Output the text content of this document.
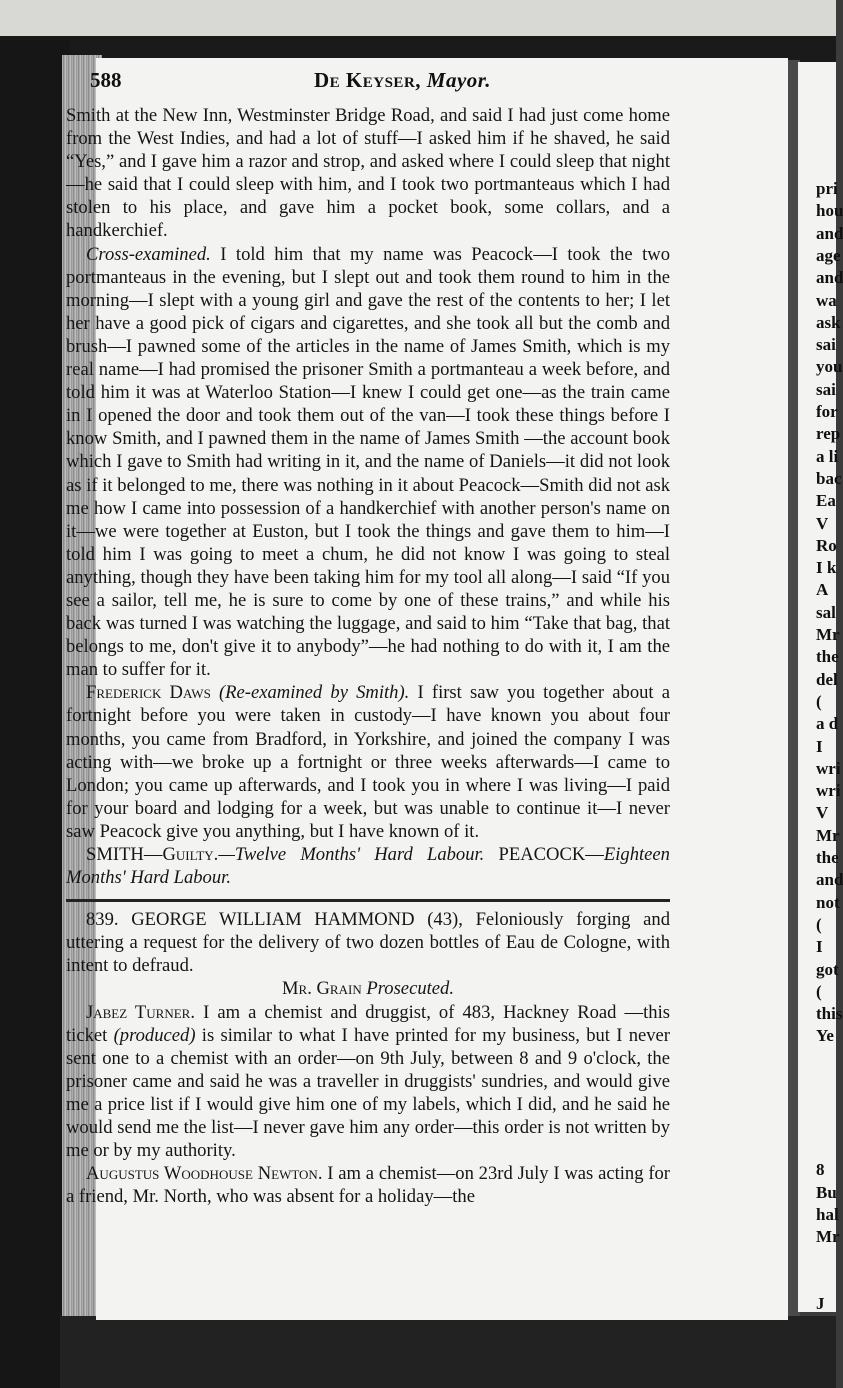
pri
hou
and
age
and
wa
ask
sai
you
sai
for
rep
a li
bac
Ea
V
Ro
I k
A
sal
Mr
the
del
(
a d
I
wri
wri
V
Mr
the
and
not
(
I
got
(
this
Ye
8
Bu
hal
Mr
J
588	De Keyser, Mayor.

Smith at the New Inn, Westminster Bridge Road, and said I had just come home from the West Indies, and had a lot of stuff—I asked him if he shaved, he said “Yes,” and I gave him a razor and strop, and asked where I could sleep that night—he said that I could sleep with him, and I took two portmanteaus which I had stolen to his place, and gave him a pocket book, some collars, and a handkerchief.

Cross-examined. I told him that my name was Peacock—I took the two portmanteaus in the evening, but I slept out and took them round to him in the morning—I slept with a young girl and gave the rest of the contents to her; I let her have a good pick of cigars and cigarettes, and she took all but the comb and brush—I pawned some of the articles in the name of James Smith, which is my real name—I had promised the prisoner Smith a portmanteau a week before, and told him it was at Waterloo Station—I knew I could get one—as the train came in I opened the door and took them out of the van—I took these things before I know Smith, and I pawned them in the name of James Smith —the account book which I gave to Smith had writing in it, and the name of Daniels—it did not look as if it belonged to me, there was nothing in it about Peacock—Smith did not ask me how I came into possession of a handkerchief with another person's name on it—we were together at Euston, but I took the things and gave them to him—I told him I was going to meet a chum, he did not know I was going to steal anything, though they have been taking him for my tool all along—I said “If you see a sailor, tell me, he is sure to come by one of these trains,” and while his back was turned I was watching the luggage, and said to him “Take that bag, that belongs to me, don't give it to anybody”—he had nothing to do with it, I am the man to suffer for it.

Frederick Daws (Re-examined by Smith). I first saw you together about a fortnight before you were taken in custody—I have known you about four months, you came from Bradford, in Yorkshire, and joined the company I was acting with—we broke up a fortnight or three weeks afterwards—I came to London; you came up afterwards, and I took you in where I was living—I paid for your board and lodging for a week, but was unable to continue it—I never saw Peacock give you anything, but I have known of it.

SMITH—Guilty.—Twelve Months' Hard Labour. PEACOCK—Eighteen Months' Hard Labour.

839. GEORGE WILLIAM HAMMOND (43), Feloniously forging and uttering a request for the delivery of two dozen bottles of Eau de Cologne, with intent to defraud.

Mr. Grain Prosecuted.

Jabez Turner. I am a chemist and druggist, of 483, Hackney Road —this ticket (produced) is similar to what I have printed for my business, but I never sent one to a chemist with an order—on 9th July, between 8 and 9 o'clock, the prisoner came and said he was a traveller in druggists' sundries, and would give me a price list if I would give him one of my labels, which I did, and he said he would send me the list—I never gave him any order—this order is not written by me or by my authority.

Augustus Woodhouse Newton. I am a chemist—on 23rd July I was acting for a friend, Mr. North, who was absent for a holiday—the
